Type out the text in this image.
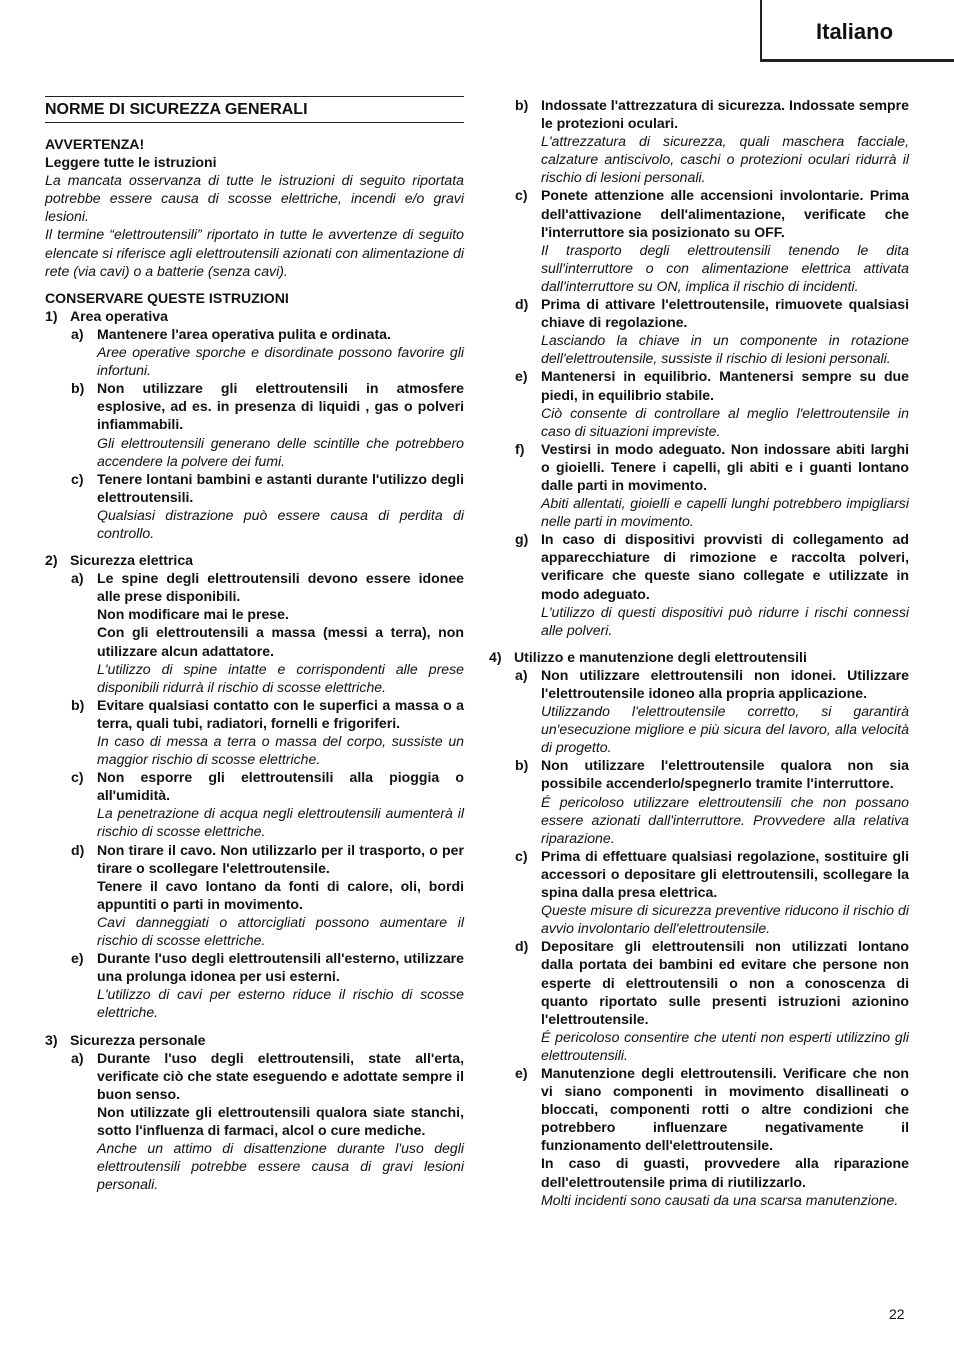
Italiano
NORME DI SICUREZZA GENERALI
AVVERTENZA!
Leggere tutte le istruzioni
La mancata osservanza di tutte le istruzioni di seguito riportata potrebbe essere causa di scosse elettriche, incendi e/o gravi lesioni.
Il termine “elettroutensili” riportato in tutte le avvertenze di seguito elencate si riferisce agli elettroutensili azionati con alimentazione di rete (via cavi) o a batterie (senza cavi).
CONSERVARE QUESTE ISTRUZIONI
1) Area operativa
a) Mantenere l'area operativa pulita e ordinata.
Aree operative sporche e disordinate possono favorire gli infortuni.
b) Non utilizzare gli elettroutensili in atmosfere esplosive, ad es. in presenza di liquidi , gas o polveri infiammabili.
Gli elettroutensili generano delle scintille che potrebbero accendere la polvere dei fumi.
c) Tenere lontani bambini e astanti durante l'utilizzo degli elettroutensili.
Qualsiasi distrazione può essere causa di perdita di controllo.
2) Sicurezza elettrica
a) Le spine degli elettroutensili devono essere idonee alle prese disponibili.
Non modificare mai le prese.
Con gli elettroutensili a massa (messi a terra), non utilizzare alcun adattatore.
L'utilizzo di spine intatte e corrispondenti alle prese disponibili ridurrà il rischio di scosse elettriche.
b) Evitare qualsiasi contatto con le superfici a massa o a terra, quali tubi, radiatori, fornelli e frigoriferi.
In caso di messa a terra o massa del corpo, sussiste un maggior rischio di scosse elettriche.
c) Non esporre gli elettroutensili alla pioggia o all'umidità.
La penetrazione di acqua negli elettroutensili aumenterà il rischio di scosse elettriche.
d) Non tirare il cavo. Non utilizzarlo per il trasporto, o per tirare o scollegare l'elettroutensile.
Tenere il cavo lontano da fonti di calore, oli, bordi appuntiti o parti in movimento.
Cavi danneggiati o attorcigliati possono aumentare il rischio di scosse elettriche.
e) Durante l'uso degli elettroutensili all'esterno, utilizzare una prolunga idonea per usi esterni.
L'utilizzo di cavi per esterno riduce il rischio di scosse elettriche.
3) Sicurezza personale
a) Durante l'uso degli elettroutensili, state all'erta, verificate ciò che state eseguendo e adottate sempre il buon senso.
Non utilizzate gli elettroutensili qualora siate stanchi, sotto l'influenza di farmaci, alcol o cure mediche.
Anche un attimo di disattenzione durante l'uso degli elettroutensili potrebbe essere causa di gravi lesioni personali.
b) Indossate l'attrezzatura di sicurezza. Indossate sempre le protezioni oculari.
L'attrezzatura di sicurezza, quali maschera facciale, calzature antiscivolo, caschi o protezioni oculari ridurrà il rischio di lesioni personali.
c) Ponete attenzione alle accensioni involontarie. Prima dell'attivazione dell'alimentazione, verificate che l'interruttore sia posizionato su OFF.
Il trasporto degli elettroutensili tenendo le dita sull'interruttore o con alimentazione elettrica attivata dall'interruttore su ON, implica il rischio di incidenti.
d) Prima di attivare l'elettroutensile, rimuovete qualsiasi chiave di regolazione.
Lasciando la chiave in un componente in rotazione dell'elettroutensile, sussiste il rischio di lesioni personali.
e) Mantenersi in equilibrio. Mantenersi sempre su due piedi, in equilibrio stabile.
Ciò consente di controllare al meglio l'elettroutensile in caso di situazioni impreviste.
f)	Vestirsi in modo adeguato. Non indossare abiti larghi o gioielli. Tenere i capelli, gli abiti e i guanti lontano dalle parti in movimento.
Abiti allentati, gioielli e capelli lunghi potrebbero impigliarsi nelle parti in movimento.
g) In caso di dispositivi provvisti di collegamento ad apparecchiature di rimozione e raccolta polveri, verificare che queste siano collegate e utilizzate in modo adeguato.
L'utilizzo di questi dispositivi può ridurre i rischi connessi alle polveri.
4) Utilizzo e manutenzione degli elettroutensili
a) Non utilizzare elettroutensili non idonei. Utilizzare l'elettroutensile idoneo alla propria applicazione.
Utilizzando l'elettroutensile corretto, si garantirà un'esecuzione migliore e più sicura del lavoro, alla velocità di progetto.
b) Non utilizzare l'elettroutensile qualora non sia possibile accenderlo/spegnerlo tramite l'interruttore.
É pericoloso utilizzare elettroutensili che non possano essere azionati dall'interruttore. Provvedere alla relativa riparazione.
c) Prima di effettuare qualsiasi regolazione, sostituire gli accessori o depositare gli elettroutensili, scollegare la spina dalla presa elettrica.
Queste misure di sicurezza preventive riducono il rischio di avvio involontario dell'elettroutensile.
d) Depositare gli elettroutensili non utilizzati lontano dalla portata dei bambini ed evitare che persone non esperte di elettroutensili o non a conoscenza di quanto riportato sulle presenti istruzioni azionino l'elettroutensile.
É pericoloso consentire che utenti non esperti utilizzino gli elettroutensili.
e) Manutenzione degli elettroutensili. Verificare che non vi siano componenti in movimento disallineati o bloccati, componenti rotti o altre condizioni che potrebbero influenzare negativamente il funzionamento dell'elettroutensile.
In caso di guasti, provvedere alla riparazione dell'elettroutensile prima di riutilizzarlo.
Molti incidenti sono causati da una scarsa manutenzione.
22
